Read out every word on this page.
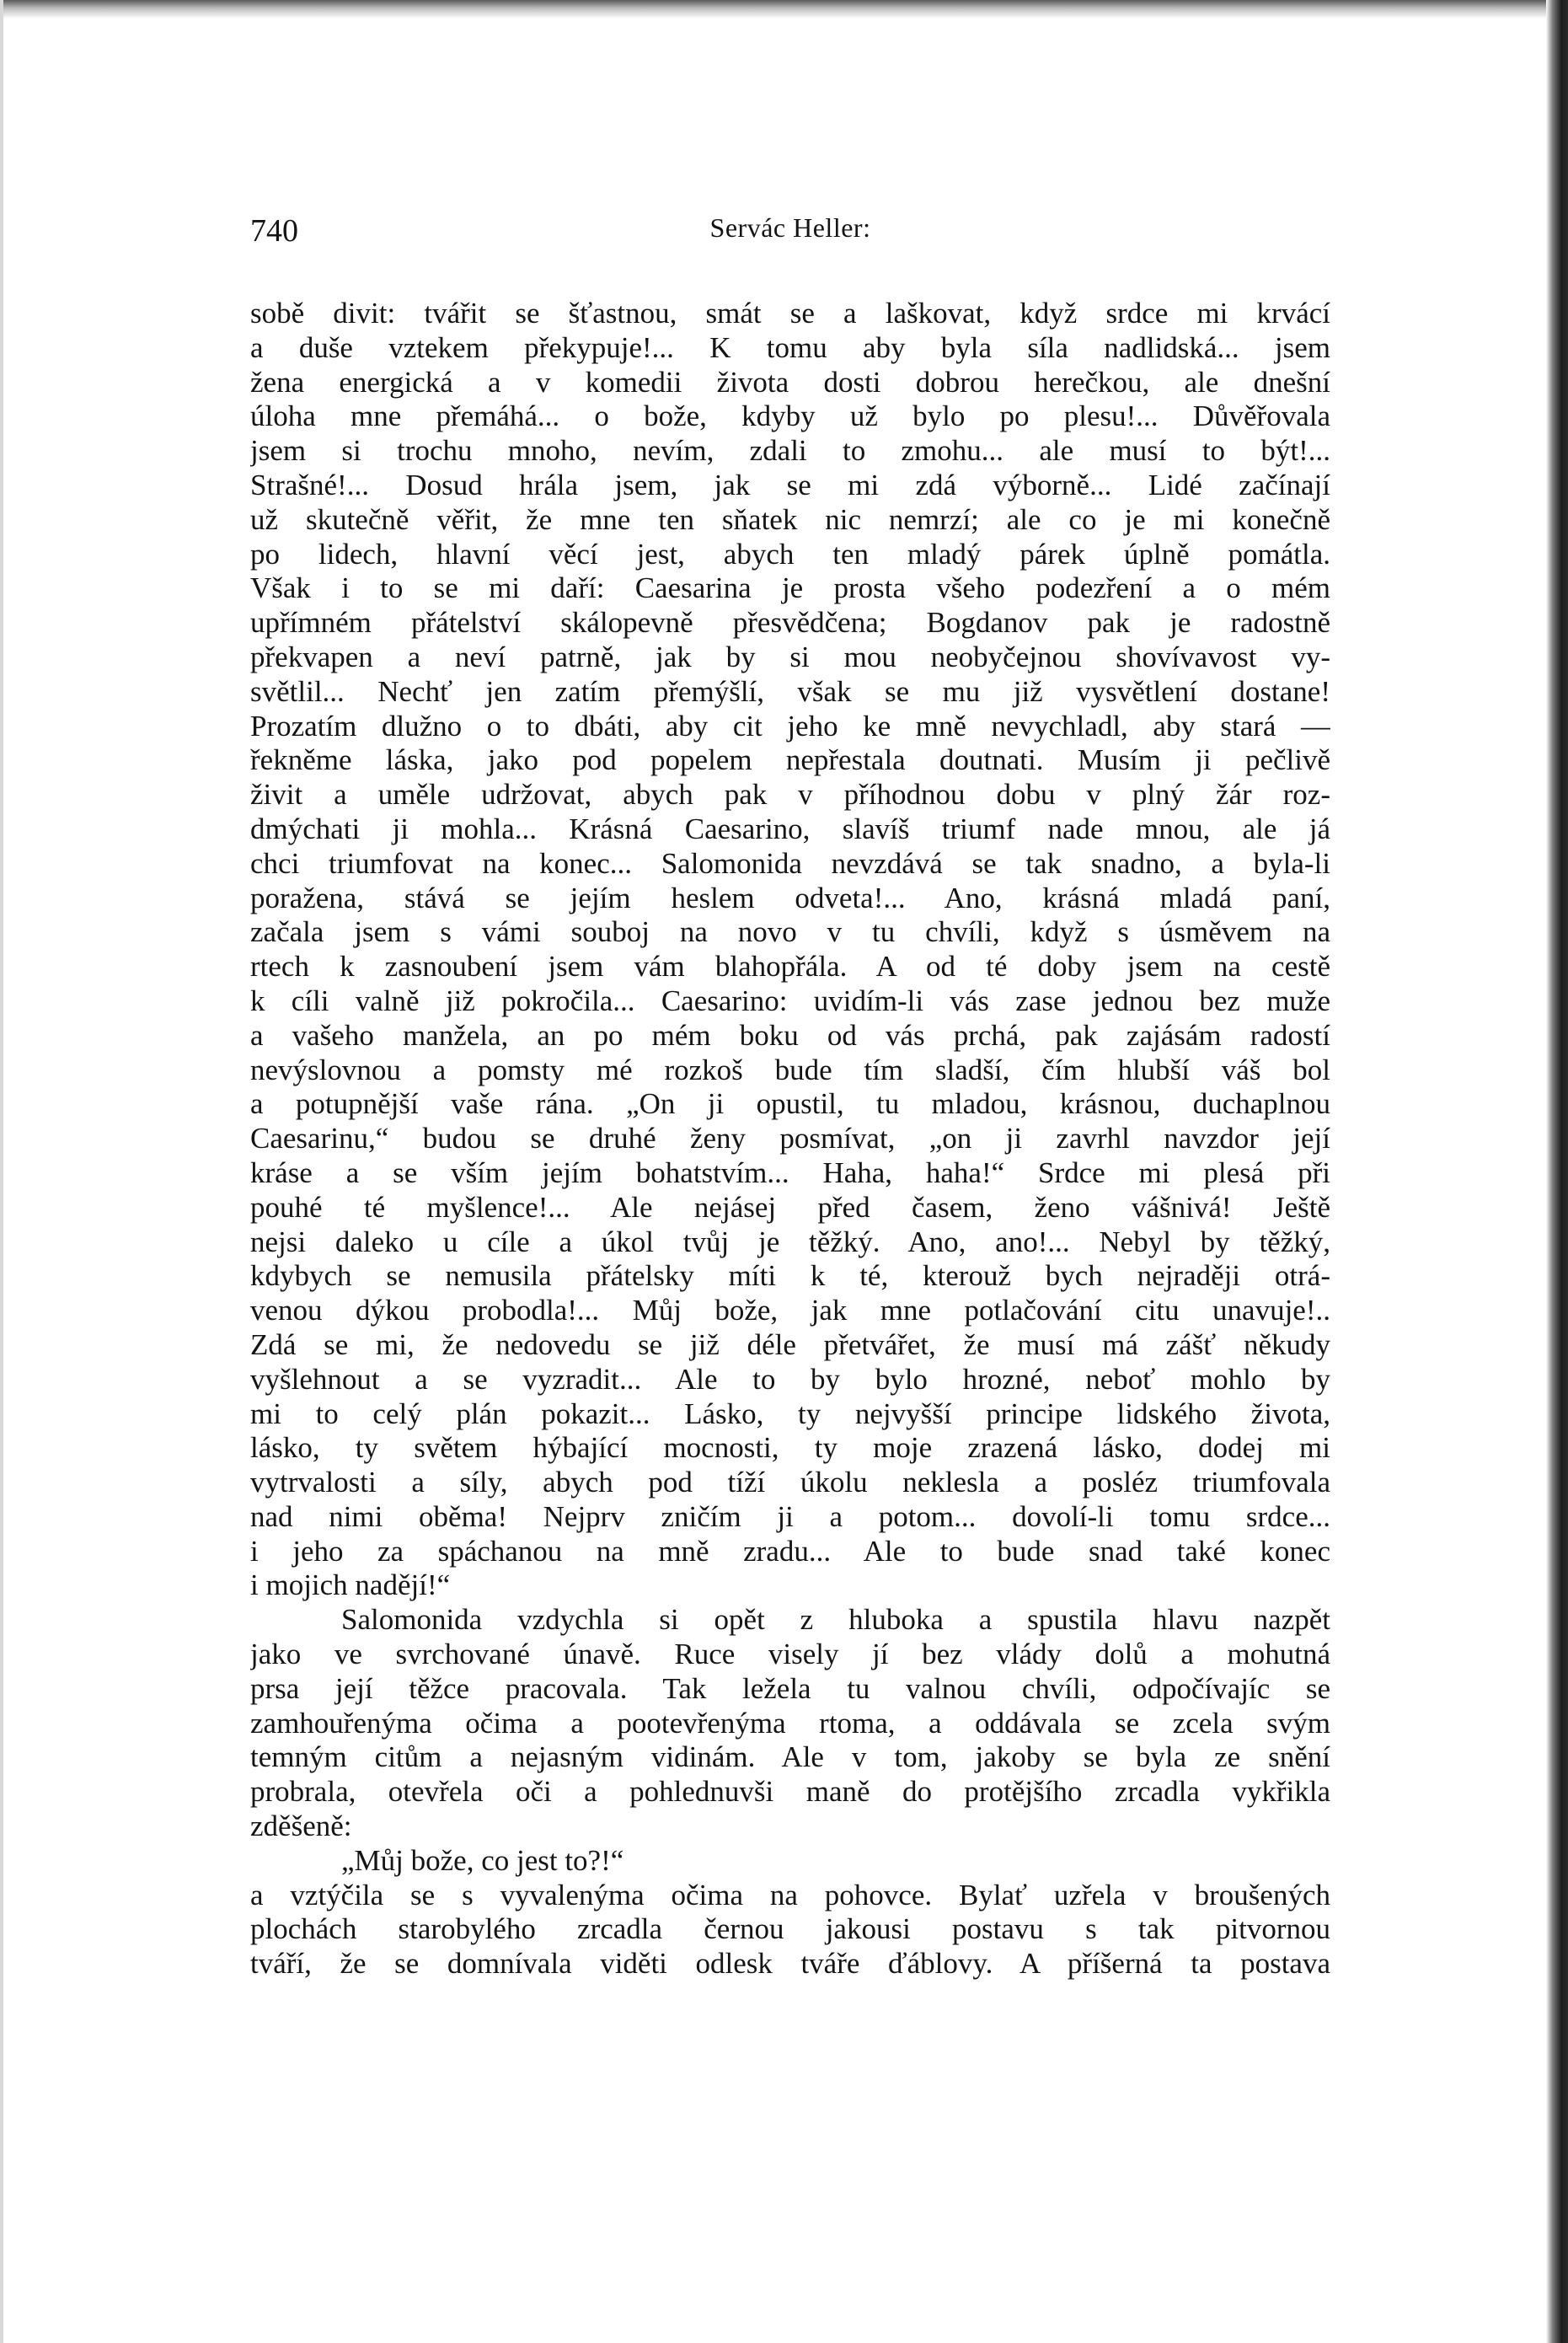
740	Servác Heller:
sobě divit: tvářit se šťastnou, smát se a laškovat, když srdce mi krvácí
a duše vztekem překypuje!... K tomu aby byla síla nadlidská... jsem
žena energická a v komedii života dosti dobrou herečkou, ale dnešní
úloha mne přemáhá... o bože, kdyby už bylo po plesu!... Důvěřovala
jsem si trochu mnoho, nevím, zdali to zmohu... ale musí to být!...
Strašné!... Dosud hrála jsem, jak se mi zdá výborně... Lidé začínají
už skutečně věřit, že mne ten sňatek nic nemrzí; ale co je mi konečně
po lidech, hlavní věcí jest, abych ten mladý párek úplně pomátla.
Však i to se mi daří: Caesarina je prosta všeho podezření a o mém
upřímném přátelství skálopevně přesvědčena; Bogdanov pak je radostně
překvapen a neví patrně, jak by si mou neobyčejnou shovívavost vy-
světlil... Nechť jen zatím přemýšlí, však se mu již vysvětlení dostane!
Prozatím dlužno o to dbáti, aby cit jeho ke mně nevychladl, aby stará —
řekněme láska, jako pod popelem nepřestala doutnati. Musím ji pečlivě
živit a uměle udržovat, abych pak v příhodnou dobu v plný žár roz-
dmýchati ji mohla... Krásná Caesarino, slavíš triumf nade mnou, ale já
chci triumfovat na konec... Salomonida nevzdává se tak snadno, a byla-li
poražena, stává se jejím heslem odveta!... Ano, krásná mladá paní,
začala jsem s vámi souboj na novo v tu chvíli, když s úsměvem na
rtech k zasnoubení jsem vám blahopřála. A od té doby jsem na cestě
k cíli valně již pokročila... Caesarino: uvidím-li vás zase jednou bez muže
a vašeho manžela, an po mém boku od vás prchá, pak zajásám radostí
nevýslovnou a pomsty mé rozkoš bude tím sladší, čím hlubší váš bol
a potupnější vaše rána. „On ji opustil, tu mladou, krásnou, duchaplnou
Caesarinu,“ budou se druhé ženy posmívat, „on ji zavrhl navzdor její
kráse a se vším jejím bohatstvím... Haha, haha!“ Srdce mi plesá při
pouhé té myšlence!... Ale nejásej před časem, ženo vášnivá! Ještě
nejsi daleko u cíle a úkol tvůj je těžký. Ano, ano!... Nebyl by těžký,
kdybych se nemusila přátelsky míti k té, kterouž bych nejraději otrá-
venou dýkou probodla!... Můj bože, jak mne potlačování citu unavuje!..
Zdá se mi, že nedovedu se již déle přetvářet, že musí má zášť někudy
vyšlehnout a se vyzradit... Ale to by bylo hrozné, neboť mohlo by
mi to celý plán pokazit... Lásko, ty nejvyšší principe lidského života,
lásko, ty světem hýbající mocnosti, ty moje zrazená lásko, dodej mi
vytrvalosti a síly, abych pod tíží úkolu neklesla a posléz triumfovala
nad nimi oběma! Nejprv zničím ji a potom... dovolí-li tomu srdce...
i jeho za spáchanou na mně zradu... Ale to bude snad také konec
i mojich nadějí!“
Salomonida vzdychla si opět z hluboka a spustila hlavu nazpět
jako ve svrchované únavě. Ruce visely jí bez vlády dolů a mohutná
prsa její těžce pracovala. Tak ležela tu valnou chvíli, odpočívajíc se
zamhouřenýma očima a pootevřenýma rtoma, a oddávala se zcela svým
temným citům a nejasným vidinám. Ale v tom, jakoby se byla ze snění
probrala, otevřela oči a pohlednuvši maně do protějšího zrcadla vykřikla
zděšeně:
„Můj bože, co jest to?!“
a vztýčila se s vyvalenýma očima na pohovce. Bylať uzřela v broušených
plochách starobylého zrcadla černou jakousi postavu s tak pitvornou
tváří, že se domnívala viděti odlesk tváře ďáblovy. A příšerná ta postava
